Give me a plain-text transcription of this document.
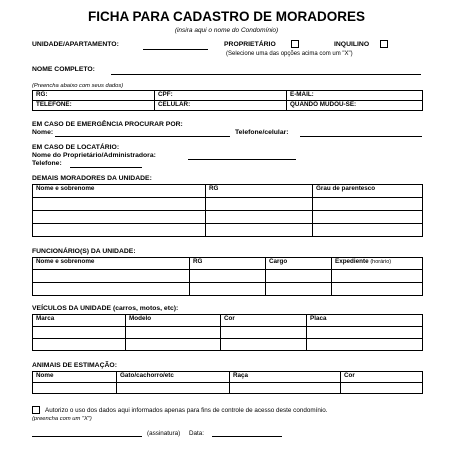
FICHA PARA CADASTRO DE MORADORES
(insira aqui o nome do Condomínio)
UNIDADE/APARTAMENTO:	PROPRIETÁRIO	INQUILINO
(Selecione uma das opções acima com um "X")
NOME COMPLETO:
(Preencha abaixo com seus dados)
RG:	CPF:	E-MAIL:
TELEFONE:	CELULAR:	QUANDO MUDOU-SE:
EM CASO DE EMERGÊNCIA PROCURAR POR:
Nome:	Telefone/celular:
EM CASO DE LOCATÁRIO:
Nome do Proprietário/Administradora:
Telefone:
DEMAIS MORADORES DA UNIDADE:
Nome e sobrenome	RG	Grau de parentesco

FUNCIONÁRIO(S) DA UNIDADE:
Nome e sobrenome	RG	Cargo	Expediente (horário)

VEÍCULOS DA UNIDADE (carros, motos, etc):
Marca	Modelo	Cor	Placa

ANIMAIS DE ESTIMAÇÃO:
Nome	Gato/cachorro/etc	Raça	Cor

Autorizo o uso dos dados aqui informados apenas para fins de controle de acesso deste condomínio.
(preencha com um "X")
(assinatura) Data:
